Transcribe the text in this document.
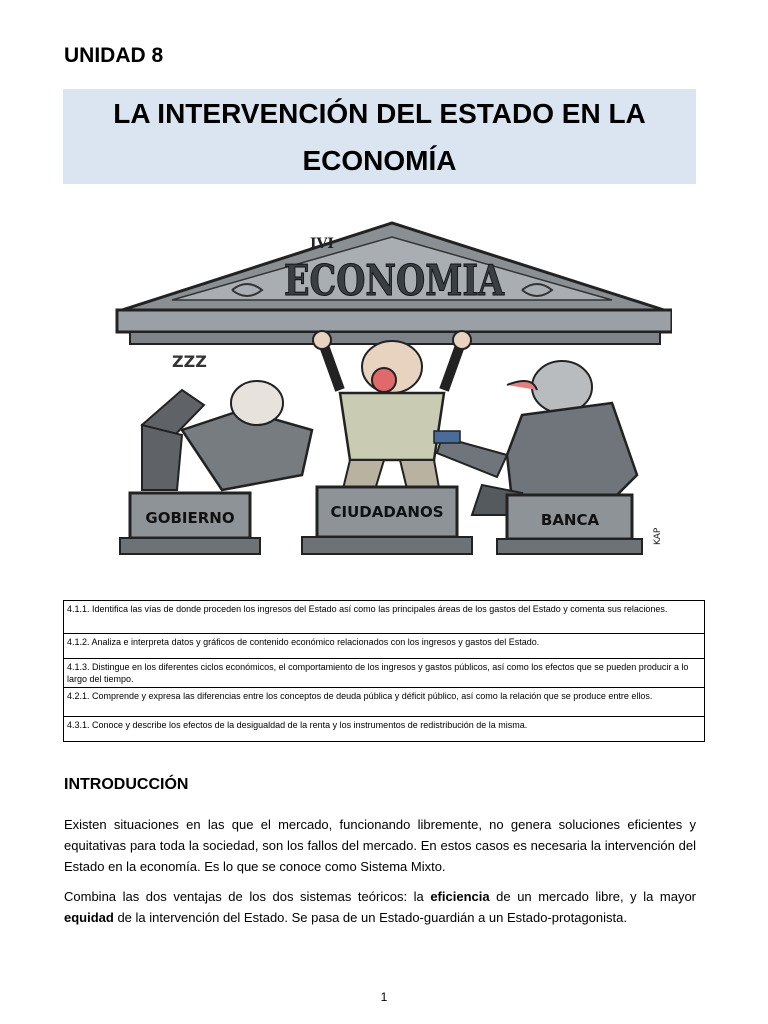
UNIDAD 8
LA INTERVENCIÓN DEL ESTADO EN LA
ECONOMÍA
IVI
ECONOMIA
ZZZ
GOBIERNO	CIUDADANOS	BANCA
KAP
4.1.1. Identifica las vías de donde proceden los ingresos del Estado así como las principales áreas de los gastos del Estado y comenta sus relaciones.
4.1.2. Analiza e interpreta datos y gráficos de contenido económico relacionados con los ingresos y gastos del Estado.
4.1.3. Distingue en los diferentes ciclos económicos, el comportamiento de los ingresos y gastos públicos, así como los efectos que se pueden producir a lo largo del tiempo.
4.2.1. Comprende y expresa las diferencias entre los conceptos de deuda pública y déficit público, así como la relación que se produce entre ellos.
4.3.1. Conoce y describe los efectos de la desigualdad de la renta y los instrumentos de redistribución de la misma.
INTRODUCCIÓN
Existen situaciones en las que el mercado, funcionando libremente, no genera soluciones eficientes y equitativas para toda la sociedad, son los fallos del mercado. En estos casos es necesaria la intervención del Estado en la economía. Es lo que se conoce como Sistema Mixto.
Combina las dos ventajas de los dos sistemas teóricos: la eficiencia de un mercado libre, y la mayor equidad de la intervención del Estado. Se pasa de un Estado-guardián a un Estado-protagonista.
1
